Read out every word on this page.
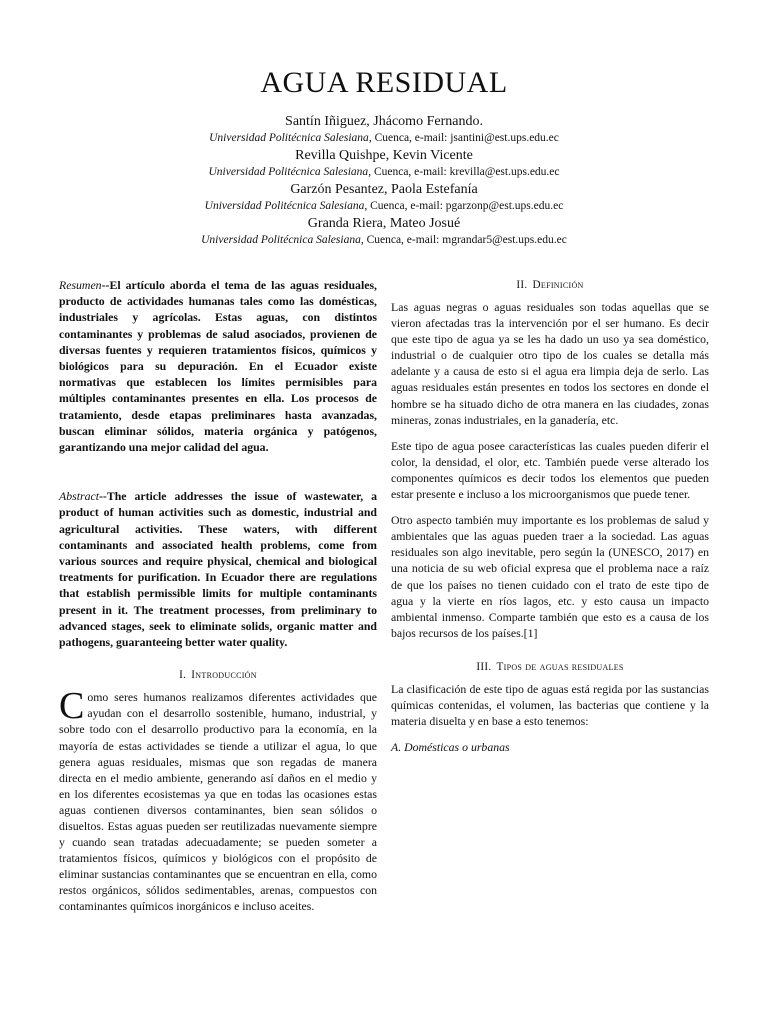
AGUA RESIDUAL
Santín Iñiguez, Jhácomo Fernando.
Universidad Politécnica Salesiana, Cuenca, e-mail: jsantini@est.ups.edu.ec
Revilla Quishpe, Kevin Vicente
Universidad Politécnica Salesiana, Cuenca, e-mail: krevilla@est.ups.edu.ec
Garzón Pesantez, Paola Estefanía
Universidad Politécnica Salesiana, Cuenca, e-mail: pgarzonp@est.ups.edu.ec
Granda Riera, Mateo Josué
Universidad Politécnica Salesiana, Cuenca, e-mail: mgrandar5@est.ups.edu.ec

Resumen--El artículo aborda el tema de las aguas residuales, producto de actividades humanas tales como las domésticas, industriales y agrícolas. Estas aguas, con distintos contaminantes y problemas de salud asociados, provienen de diversas fuentes y requieren tratamientos físicos, químicos y biológicos para su depuración. En el Ecuador existe normativas que establecen los límites permisibles para múltiples contaminantes presentes en ella. Los procesos de tratamiento, desde etapas preliminares hasta avanzadas, buscan eliminar sólidos, materia orgánica y patógenos, garantizando una mejor calidad del agua.

Abstract--The article addresses the issue of wastewater, a product of human activities such as domestic, industrial and agricultural activities. These waters, with different contaminants and associated health problems, come from various sources and require physical, chemical and biological treatments for purification. In Ecuador there are regulations that establish permissible limits for multiple contaminants present in it. The treatment processes, from preliminary to advanced stages, seek to eliminate solids, organic matter and pathogens, guaranteeing better water quality.

I. Introducción

Como seres humanos realizamos diferentes actividades que ayudan con el desarrollo sostenible, humano, industrial, y sobre todo con el desarrollo productivo para la economía, en la mayoría de estas actividades se tiende a utilizar el agua, lo que genera aguas residuales, mismas que son regadas de manera directa en el medio ambiente, generando así daños en el medio y en los diferentes ecosistemas ya que en todas las ocasiones estas aguas contienen diversos contaminantes, bien sean sólidos o disueltos. Estas aguas pueden ser reutilizadas nuevamente siempre y cuando sean tratadas adecuadamente; se pueden someter a tratamientos físicos, químicos y biológicos con el propósito de eliminar sustancias contaminantes que se encuentran en ella, como restos orgánicos, sólidos sedimentables, arenas, compuestos con contaminantes químicos inorgánicos e incluso aceites.

II. Definición

Las aguas negras o aguas residuales son todas aquellas que se vieron afectadas tras la intervención por el ser humano. Es decir que este tipo de agua ya se les ha dado un uso ya sea doméstico, industrial o de cualquier otro tipo de los cuales se detalla más adelante y a causa de esto si el agua era limpia deja de serlo. Las aguas residuales están presentes en todos los sectores en donde el hombre se ha situado dicho de otra manera en las ciudades, zonas mineras, zonas industriales, en la ganadería, etc.

Este tipo de agua posee características las cuales pueden diferir el color, la densidad, el olor, etc. También puede verse alterado los componentes químicos es decir todos los elementos que pueden estar presente e incluso a los microorganismos que puede tener.

Otro aspecto también muy importante es los problemas de salud y ambientales que las aguas pueden traer a la sociedad. Las aguas residuales son algo inevitable, pero según la (UNESCO, 2017) en una noticia de su web oficial expresa que el problema nace a raíz de que los países no tienen cuidado con el trato de este tipo de agua y la vierte en ríos lagos, etc. y esto causa un impacto ambiental inmenso. Comparte también que esto es a causa de los bajos recursos de los países.[1]

III. Tipos de aguas residuales

La clasificación de este tipo de aguas está regida por las sustancias químicas contenidas, el volumen, las bacterias que contiene y la materia disuelta y en base a esto tenemos:

A. Domésticas o urbanas
